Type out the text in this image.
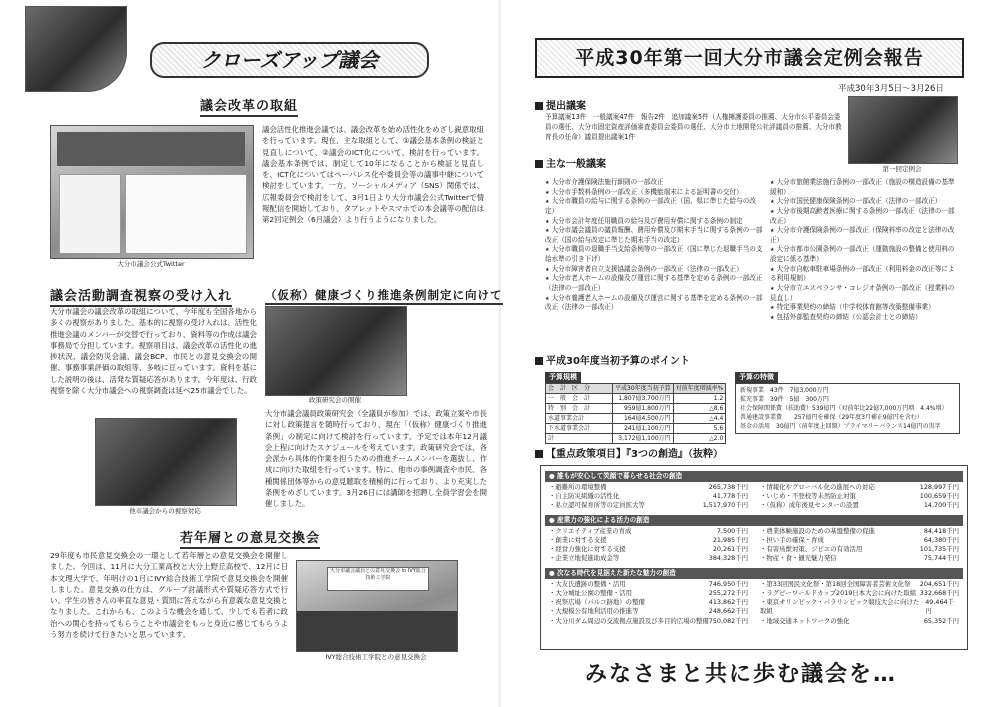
クローズアップ議会
議会改革の取組
大分市議会公式Twitter
議会活性化推進会議では、議会改革を始め活性化をめざし鋭意取組を行っています。現在、主な取組として、①議会基本条例の検証と見直しについて、②議会のICT化について、検討を行っています。議会基本条例では、制定して10年になることから検証と見直しを、ICT化についてはペーパレス化や委員会等の議事中継について検討をしています。一方、ソーシャルメディア（SNS）関係では、広報委員会で検討をして、3月1日より大分市議会公式Twitterで情報配信を開始しており、タブレットやスマホでの本会議等の配信は第2回定例会（6月議会）より行うようになりました。
議会活動調査視察の受け入れ
大分市議会の議会改革の取組について、今年度も全国各地から多くの視察がありました。基本的に視察の受け入れは、活性化推進会議のメンバーが交替で行っており、資料等の作成は議会事務局で分担しています。視察項目は、議会改革の活性化の進捗状況、議会防災会議、議会BCP、市民との意見交換会の開催、事務事業評価の取組等、多岐に亘っています。資料を基にした説明の後は、活発な質疑応答があります。今年度は、行政視察を除く大分市議会への視察調査は延べ25市議会でした。
他市議会からの視察対応
（仮称）健康づくり推進条例制定に向けて
政策研究会の開催
大分市議会議員政策研究会（全議員が参加）では、政策立案や市長に対し政策提言を随時行っており、現在「（仮称）健康づくり推進条例」の制定に向けて検討を行っています。予定では本年12月議会上程に向けたスケジュールを考えています。政策研究会では、各会派から具体的作業を担うための推進チームメンバーを選抜し、作成に向けた取組を行っています。特に、他市の事例調査や市民、各種関係団体等からの意見聴取を積極的に行っており、より充実した条例をめざしています。3月26日には講師を招聘し全員学習会を開催しました。
若年層との意見交換会
29年度も市民意見交換会の一環として若年層との意見交換会を開催しました。今回は、11月に大分工業高校と大分上野丘高校で、12月に日本文理大学で、年明けの1月にIVY総合技術工学院で意見交換会を開催しました。意見交換の仕方は、グループ討議形式や質疑応答方式で行い、学生の皆さんの率直な意見・質問に答えながら有意義な意見交換となりました。これからも、このような機会を通して、少しでも若者に政治への関心を持ってもらうことや市議会をもっと身近に感じてもらうよう努力を続けて行きたいと思っています。
大分市議会議員との意見交換会 in IVY総合技術工学院
IVY総合技術工学院との意見交換会
平成30年第一回大分市議会定例会報告
平成30年3月5日～3月26日
提出議案
予算議案13件　一般議案47件　報告2件　追加議案5件（人権擁護委員の推薦、大分市公平委員会委員の選任、大分市固定資産評価審査委員会委員の選任、大分市土地開発公社評議員の推薦、大分市教育長の任命）議員提出議案1件
第一回定例会
主な一般議案
★ 大分市介護保険法施行細則の一部改正
★ 大分市手数料条例の一部改正（多機能端末による証明書の交付）
★ 大分市職員の給与に関する条例の一部改正（国、県に準じた給与の改定）
★ 大分市会計年度任用職員の給与及び費用弁償に関する条例の制定
★ 大分市議会議員の議員報酬、費用弁償及び期末手当に関する条例の一部改正（国の給与改定に準じた期末手当の改定）
★ 大分市職員の退職手当支給条例等の一部改正（国に準じた退職手当の支給水準の引き下げ）
★ 大分市障害者自立支援協議会条例の一部改正（法律の一部改正）
★ 大分市老人ホームの設備及び運営に関する基準を定める条例の一部改正（法律の一部改正）
★ 大分市養護老人ホームの設備及び運営に関する基準を定める条例の一部改正（法律の一部改正）
★ 大分市旅館業法施行条例の一部改正（施設の構造設備の基準緩和）
★ 大分市国民健康保険条例の一部改正（法律の一部改正）
★ 大分市後期高齢者医療に関する条例の一部改正（法律の一部改正）
★ 大分市介護保険条例の一部改正（保険料率の改定と法律の改正）
★ 大分市都市公園条例の一部改正（運動施設の整備と使用料の設定に係る基準）
★ 大分市自転車駐車場条例の一部改正（利用料金の改正等による利用規制）
★ 大分市立エスペランサ・コレジオ条例の一部改正（授業料の見直し）
★ 特定事業契約の締結（中学校体育館等改築整備事業）
★ 包括外部監査契約の締結（公認会計士との締結）
平成30年度当初予算のポイント
予算規模
会　計　区　分	平成30年度当初予算	対前年度増減率%
一　般　会　計	1,807億3,700万円	1.2
特　別　会　計	959億1,800万円	△8.6
水道事業会計	164億4,500万円	△4.4
下水道事業会計	241億1,100万円	5.6
計	3,172億1,100万円	△2.0
予算の特徴
新規事業　43件　7億3,000万円
拡充事業　39件　5億　300万円
社会保障関係費（扶助費）539億円（対前年比22億7,000万円増　4.4%増）
普通建設事業費　　257億円を確保（29年度3月補正9億円を含む）
基金の活用　30億円（前年度上回額）プライマリーバランス14億円の黒字
【重点政策項目】『3つの創造』（抜粋）
● 誰もが安心して笑顔で暮らせる社会の創造
・ 避難所の環境整備	265,738千円
・ 自主防災組織の活性化	41,778千円
・ 私立認可保育所等の定員拡大等	1,517,970千円
・ 情報化やグローバル化の進展への対応	128,997千円
・ いじめ・不登校等未然防止対策	100,659千円
・ （仮称）成年後見センターの設置	14,700千円
● 産業力の強化による活力の創造
・ クリエイティブ産業の育成	7,500千円
・ 創業に対する支援	21,985千円
・ 経営力強化に対する支援	20,261千円
・ 企業立地促進助成金等	384,328千円
・ 農業体験施設のための基盤整備の促進	84,418千円
・ 担い手の確保・育成	64,380千円
・ 有害鳥獣対策、ジビエの有効活用	101,735千円
・ 物産・食・観光魅力発信	75,744千円
● 次なる時代を見据えた新たな魅力の創造
・ 大友氏遺跡の整備・活用	746,950千円
・ 大分城址公園の整備・活用	255,272千円
・ 祝祭広場（パルコ跡地）の整備	413,862千円
・ 大規模公有地利活用の推進等	248,662千円
・ 大分川ダム周辺の交流拠点施設及び多目的広場の整備 750,082千円
・ 第33回国民文化祭・第18回全国障害者芸術文化祭 204,651千円
・ ラグビーワールドカップ2019日本大会に向けた取組 332,668千円
・ 東京オリンピック・パラリンピック競技大会に向けた取組
49,464千円
・ 地域交通ネットワークの強化	65,352千円
みなさまと共に歩む議会を…
